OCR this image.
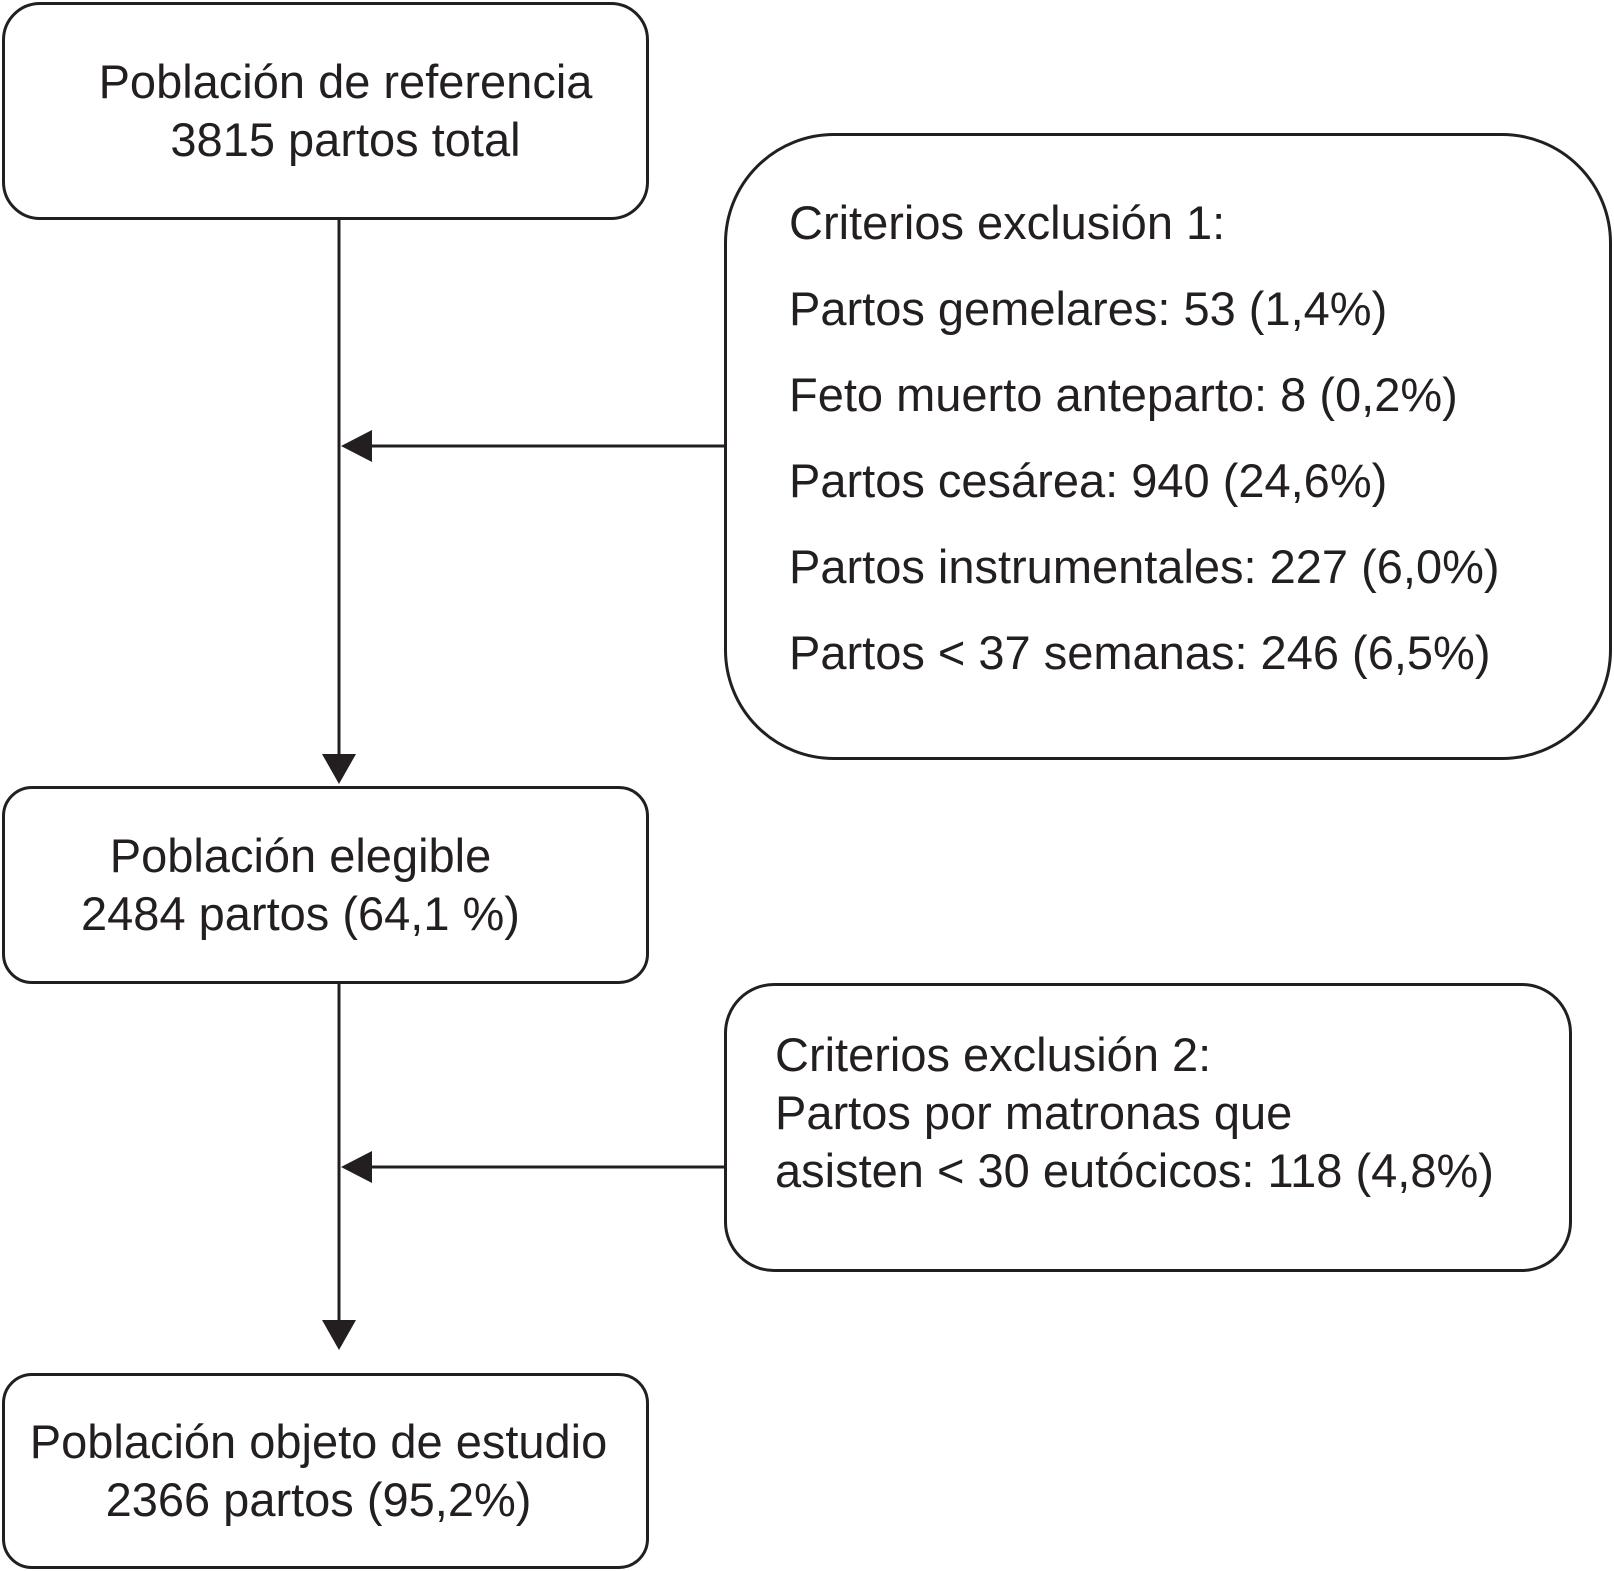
Población de referencia
3815 partos total
Criterios exclusión 1:
Partos gemelares: 53 (1,4%)
Feto muerto anteparto: 8 (0,2%)
Partos cesárea: 940 (24,6%)
Partos instrumentales: 227 (6,0%)
Partos < 37 semanas: 246 (6,5%)
Población elegible
2484 partos (64,1 %)
Criterios exclusión 2:
Partos por matronas que
asisten < 30 eutócicos: 118 (4,8%)
Población objeto de estudio
2366 partos (95,2%)
